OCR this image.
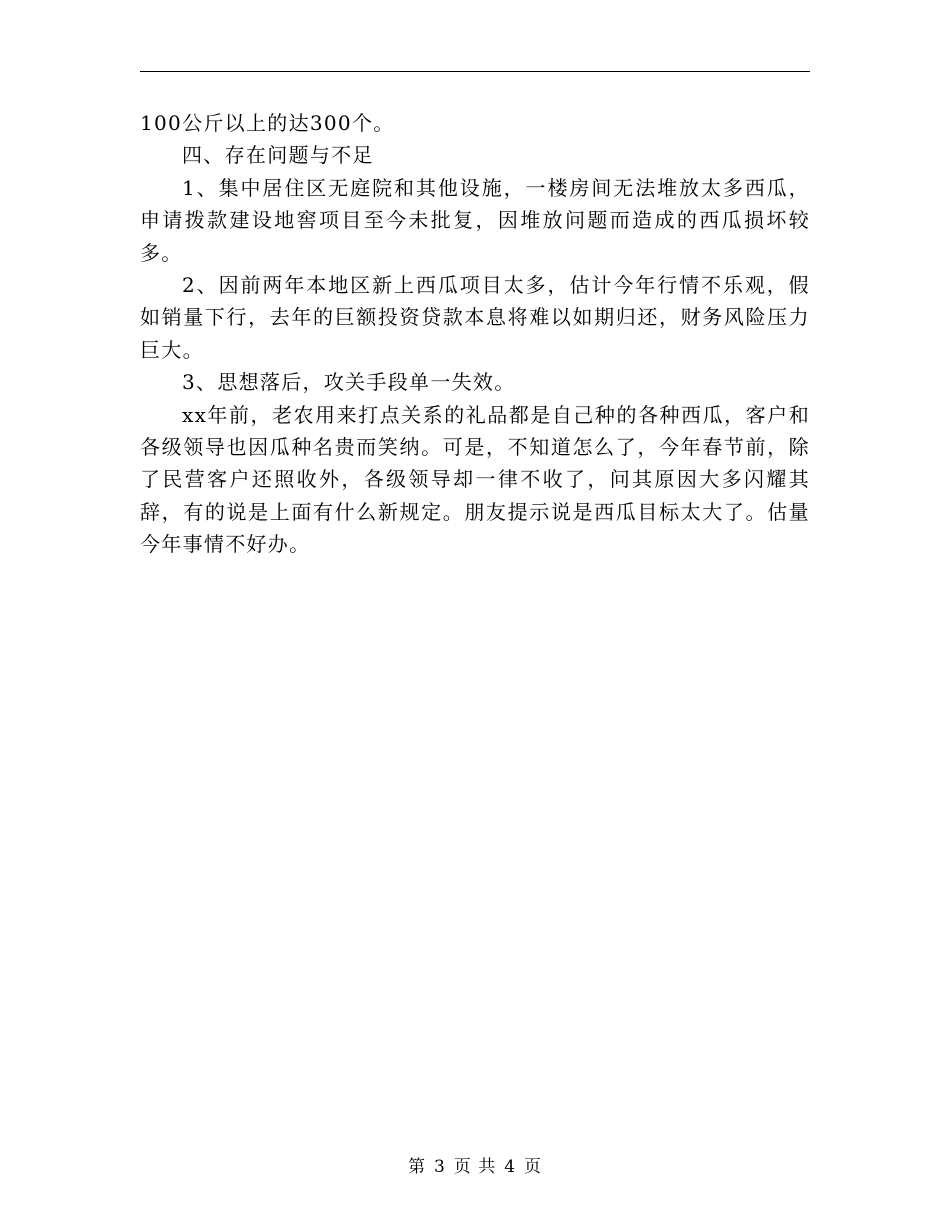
100公斤以上的达300个。

四、存在问题与不足

1、集中居住区无庭院和其他设施，一楼房间无法堆放太多西瓜，申请拨款建设地窖项目至今未批复，因堆放问题而造成的西瓜损坏较多。

2、因前两年本地区新上西瓜项目太多，估计今年行情不乐观，假如销量下行，去年的巨额投资贷款本息将难以如期归还，财务风险压力巨大。

3、思想落后，攻关手段单一失效。

xx年前，老农用来打点关系的礼品都是自己种的各种西瓜，客户和各级领导也因瓜种名贵而笑纳。可是，不知道怎么了，今年春节前，除了民营客户还照收外，各级领导却一律不收了，问其原因大多闪耀其辞，有的说是上面有什么新规定。朋友提示说是西瓜目标太大了。估量今年事情不好办。

第 3 页 共 4 页
